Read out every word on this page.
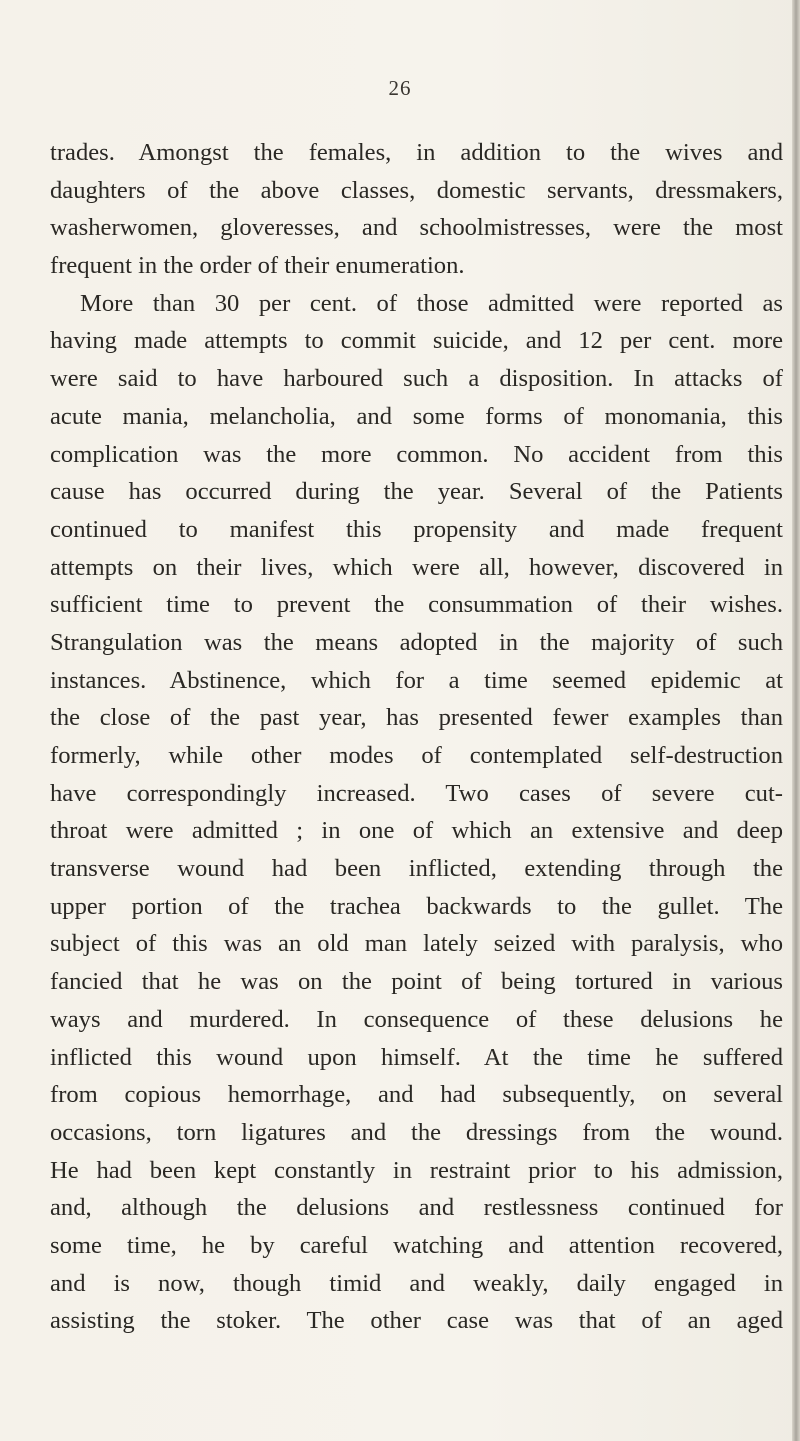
26
trades. Amongst the females, in addition to the wives and
daughters of the above classes, domestic servants, dressmakers,
washerwomen, gloveresses, and schoolmistresses, were the most
frequent in the order of their enumeration.
More than 30 per cent. of those admitted were reported as
having made attempts to commit suicide, and 12 per cent. more
were said to have harboured such a disposition. In attacks of
acute mania, melancholia, and some forms of monomania, this
complication was the more common. No accident from this
cause has occurred during the year. Several of the Patients
continued to manifest this propensity and made frequent
attempts on their lives, which were all, however, discovered in
sufficient time to prevent the consummation of their wishes.
Strangulation was the means adopted in the majority of such
instances. Abstinence, which for a time seemed epidemic at
the close of the past year, has presented fewer examples than
formerly, while other modes of contemplated self-destruction
have correspondingly increased. Two cases of severe cut-
throat were admitted ; in one of which an extensive and deep
transverse wound had been inflicted, extending through the
upper portion of the trachea backwards to the gullet. The
subject of this was an old man lately seized with paralysis, who
fancied that he was on the point of being tortured in various
ways and murdered. In consequence of these delusions he
inflicted this wound upon himself. At the time he suffered
from copious hemorrhage, and had subsequently, on several
occasions, torn ligatures and the dressings from the wound.
He had been kept constantly in restraint prior to his admission,
and, although the delusions and restlessness continued for
some time, he by careful watching and attention recovered,
and is now, though timid and weakly, daily engaged in
assisting the stoker. The other case was that of an aged
